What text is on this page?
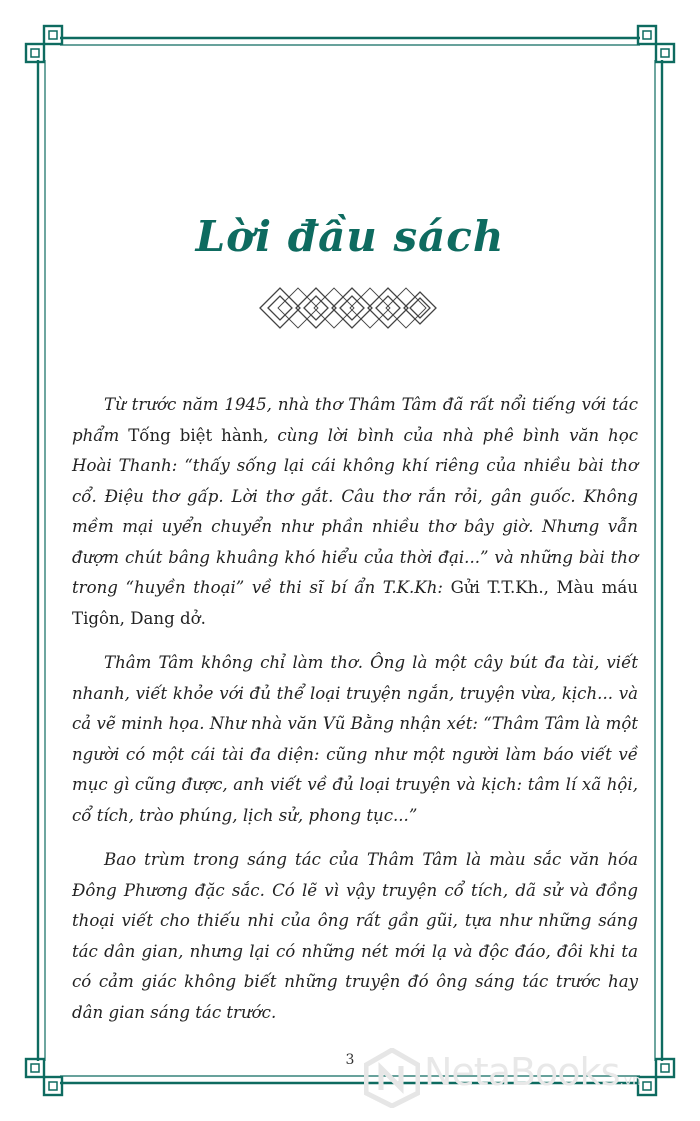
Lời đầu sách

Từ trước năm 1945, nhà thơ Thâm Tâm đã rất nổi tiếng với tác phẩm Tống biệt hành, cùng lời bình của nhà phê bình văn học Hoài Thanh: “thấy sống lại cái không khí riêng của nhiều bài thơ cổ. Điệu thơ gấp. Lời thơ gắt. Câu thơ rắn rỏi, gân guốc. Không mềm mại uyển chuyển như phần nhiều thơ bây giờ. Nhưng vẫn đượm chút bâng khuâng khó hiểu của thời đại...” và những bài thơ trong “huyền thoại” về thi sĩ bí ẩn T.K.Kh: Gửi T.T.Kh., Màu máu Tigôn, Dang dở.

Thâm Tâm không chỉ làm thơ. Ông là một cây bút đa tài, viết nhanh, viết khỏe với đủ thể loại truyện ngắn, truyện vừa, kịch... và cả vẽ minh họa. Như nhà văn Vũ Bằng nhận xét: “Thâm Tâm là một người có một cái tài đa diện: cũng như một người làm báo viết về mục gì cũng được, anh viết về đủ loại truyện và kịch: tâm lí xã hội, cổ tích, trào phúng, lịch sử, phong tục...”

Bao trùm trong sáng tác của Thâm Tâm là màu sắc văn hóa Đông Phương đặc sắc. Có lẽ vì vậy truyện cổ tích, dã sử và đồng thoại viết cho thiếu nhi của ông rất gần gũi, tựa như những sáng tác dân gian, nhưng lại có những nét mới lạ và độc đáo, đôi khi ta có cảm giác không biết những truyện đó ông sáng tác trước hay dân gian sáng tác trước.

3	NetaBooks.vn
